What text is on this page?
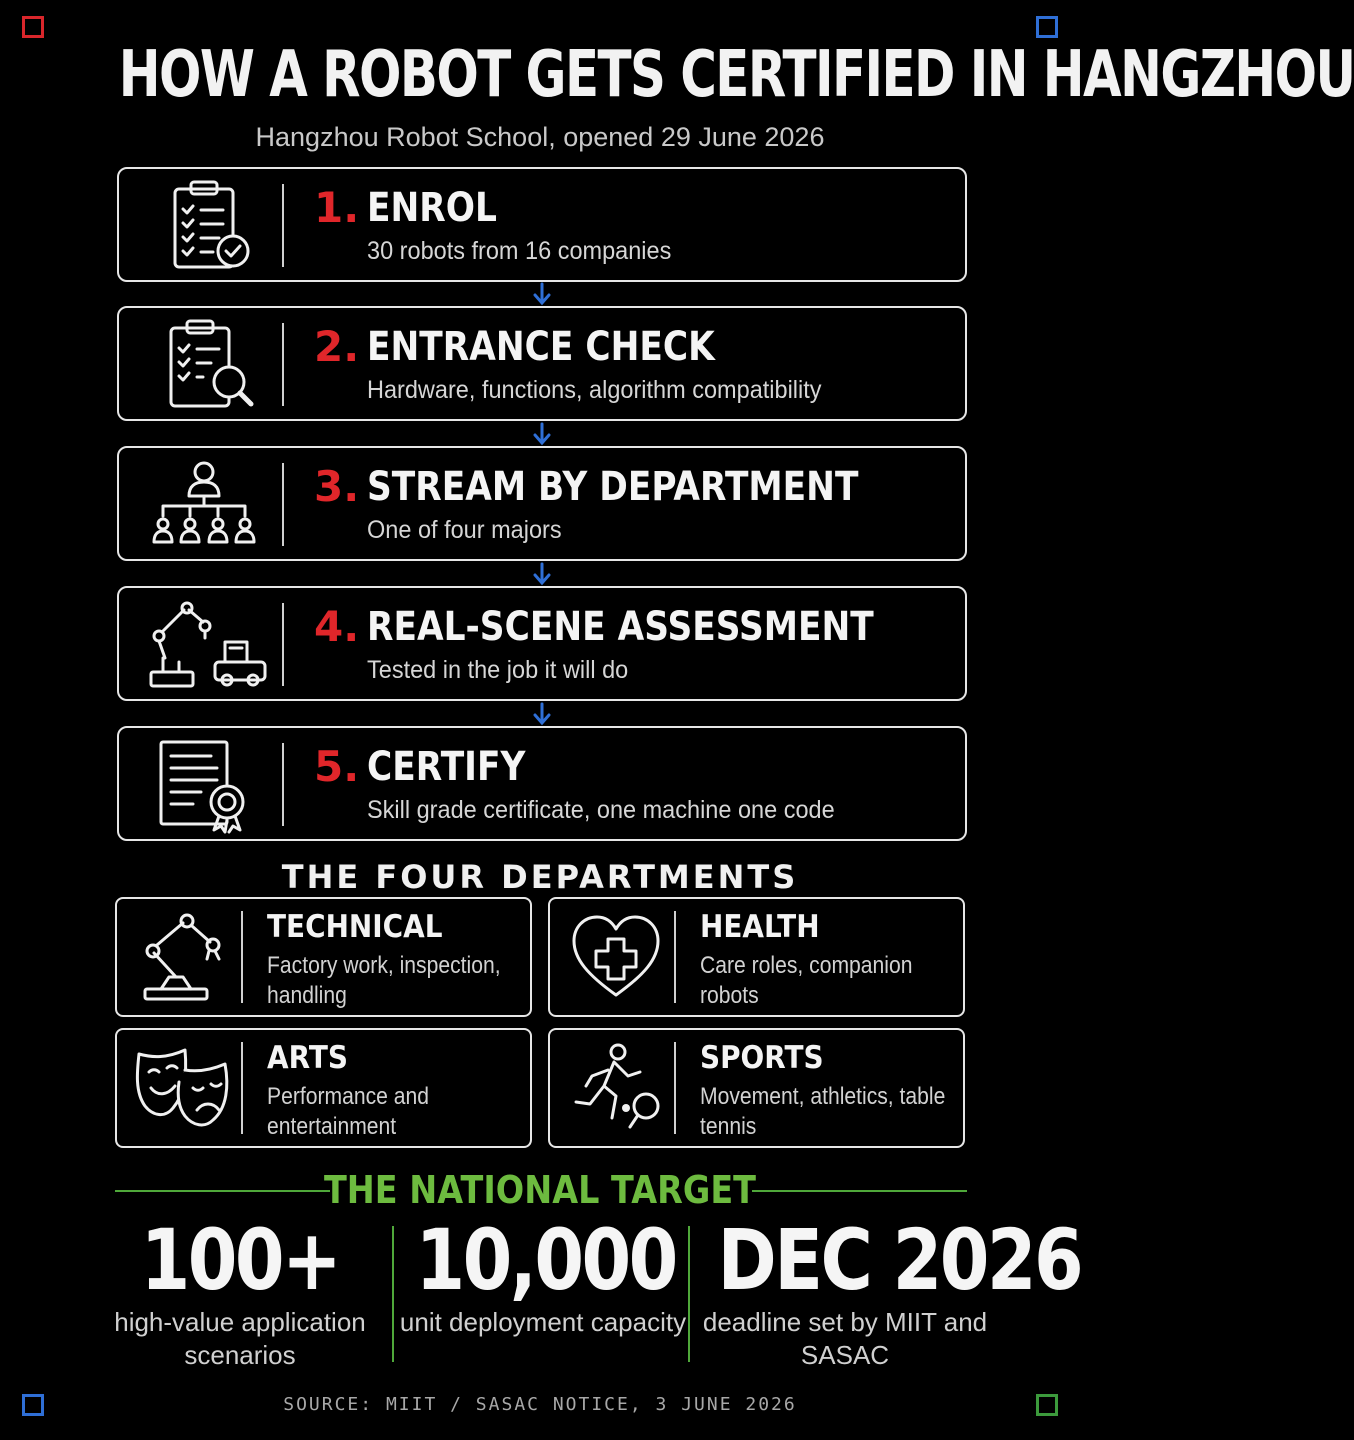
HOW A ROBOT GETS CERTIFIED IN HANGZHOU
Hangzhou Robot School, opened 29 June 2026
1. ENROL
30 robots from 16 companies
2. ENTRANCE CHECK
Hardware, functions, algorithm compatibility
3. STREAM BY DEPARTMENT
One of four majors
4. REAL-SCENE ASSESSMENT
Tested in the job it will do
5. CERTIFY
Skill grade certificate, one machine one code
THE FOUR DEPARTMENTS
TECHNICAL
Factory work, inspection, handling
HEALTH
Care roles, companion robots
ARTS
Performance and entertainment
SPORTS
Movement, athletics, table tennis
THE NATIONAL TARGET
100+
high-value application scenarios
10,000
unit deployment capacity
DEC 2026
deadline set by MIIT and SASAC
SOURCE: MIIT / SASAC NOTICE, 3 JUNE 2026
